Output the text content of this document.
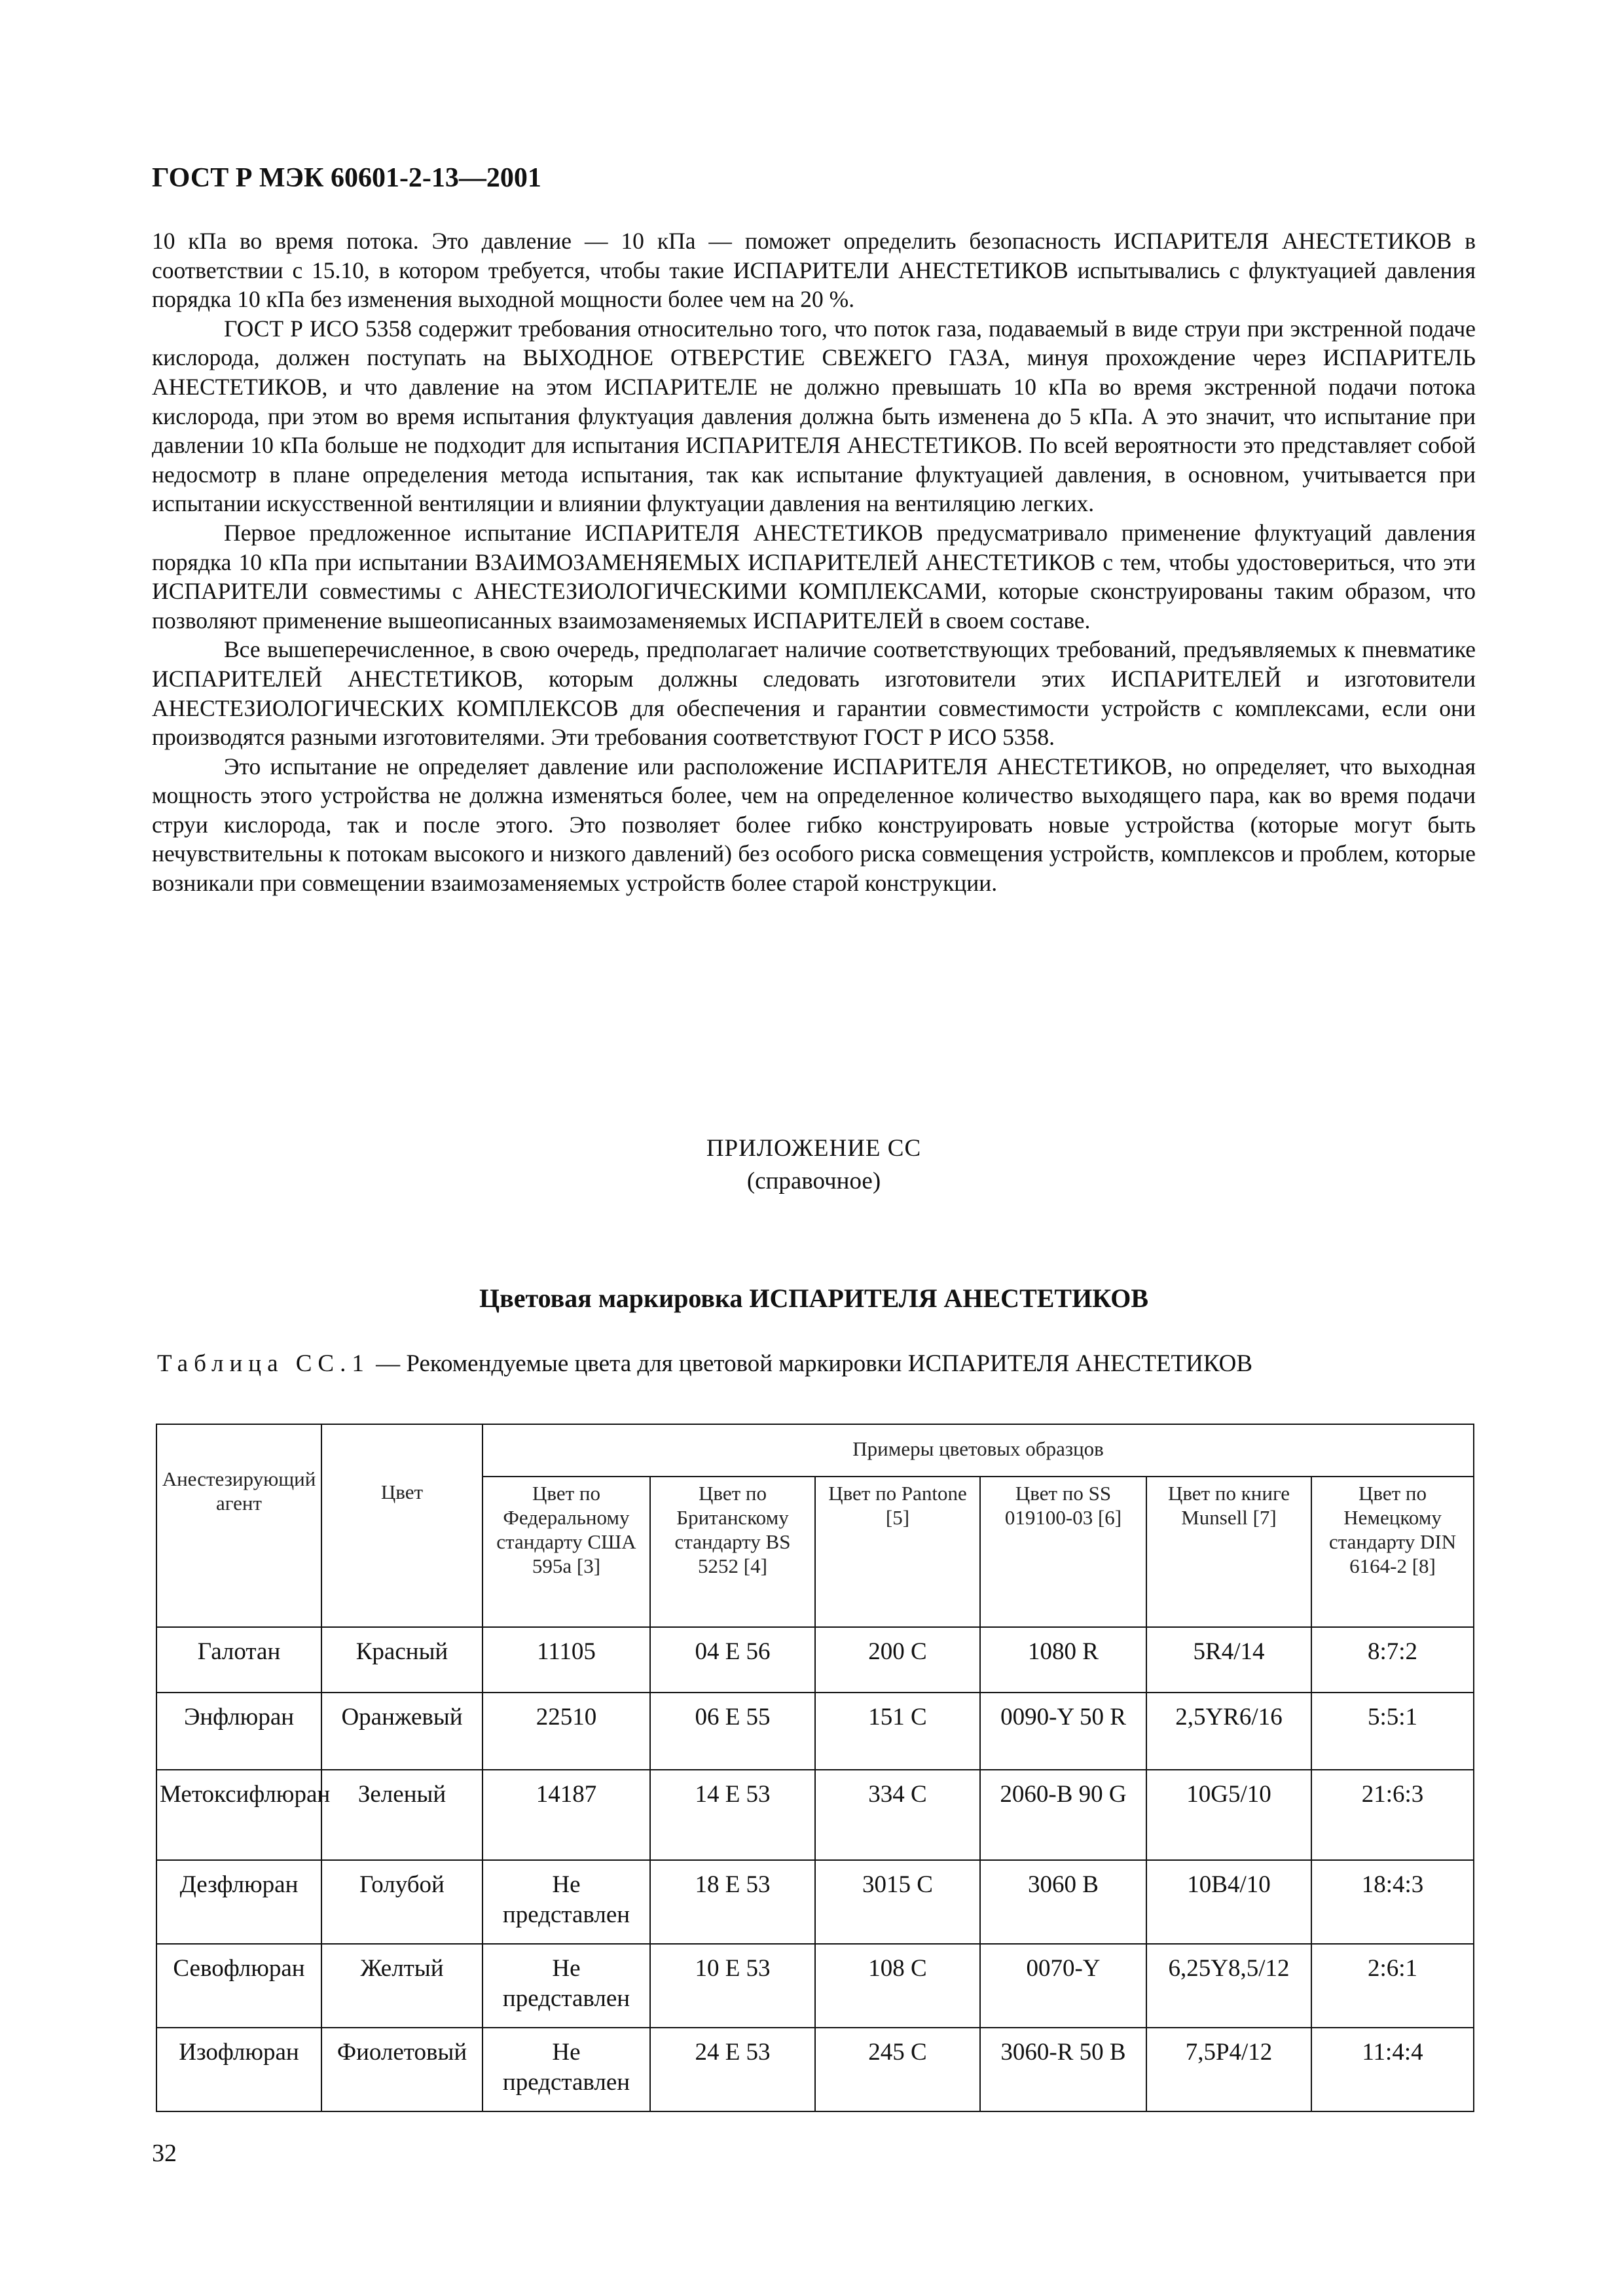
ГОСТ Р МЭК 60601-2-13—2001

10 кПа во время потока. Это давление — 10 кПа — поможет определить безопасность ИСПАРИТЕЛЯ АНЕСТЕТИКОВ в соответствии с 15.10, в котором требуется, чтобы такие ИСПАРИТЕЛИ АНЕСТЕТИКОВ испытывались с флуктуацией давления порядка 10 кПа без изменения выходной мощности более чем на 20 %.

ГОСТ Р ИСО 5358 содержит требования относительно того, что поток газа, подаваемый в виде струи при экстренной подаче кислорода, должен поступать на ВЫХОДНОЕ ОТВЕРСТИЕ СВЕЖЕГО ГАЗА, минуя прохождение через ИСПАРИТЕЛЬ АНЕСТЕТИКОВ, и что давление на этом ИСПАРИТЕЛЕ не должно превышать 10 кПа во время экстренной подачи потока кислорода, при этом во время испытания флуктуация давления должна быть изменена до 5 кПа. А это значит, что испытание при давлении 10 кПа больше не подходит для испытания ИСПАРИТЕЛЯ АНЕСТЕТИКОВ. По всей вероятности это представляет собой недосмотр в плане определения метода испытания, так как испытание флуктуацией давления, в основном, учитывается при испытании искусственной вентиляции и влиянии флуктуации давления на вентиляцию легких.

Первое предложенное испытание ИСПАРИТЕЛЯ АНЕСТЕТИКОВ предусматривало применение флуктуаций давления порядка 10 кПа при испытании ВЗАИМОЗАМЕНЯЕМЫХ ИСПАРИТЕЛЕЙ АНЕСТЕТИКОВ с тем, чтобы удостовериться, что эти ИСПАРИТЕЛИ совместимы с АНЕСТЕЗИОЛОГИЧЕСКИМИ КОМПЛЕКСАМИ, которые сконструированы таким образом, что позволяют применение вышеописанных взаимозаменяемых ИСПАРИТЕЛЕЙ в своем составе.

Все вышеперечисленное, в свою очередь, предполагает наличие соответствующих требований, предъявляемых к пневматике ИСПАРИТЕЛЕЙ АНЕСТЕТИКОВ, которым должны следовать изготовители этих ИСПАРИТЕЛЕЙ и изготовители АНЕСТЕЗИОЛОГИЧЕСКИХ КОМПЛЕКСОВ для обеспечения и гарантии совместимости устройств с комплексами, если они производятся разными изготовителями. Эти требования соответствуют ГОСТ Р ИСО 5358.

Это испытание не определяет давление или расположение ИСПАРИТЕЛЯ АНЕСТЕТИКОВ, но определяет, что выходная мощность этого устройства не должна изменяться более, чем на определенное количество выходящего пара, как во время подачи струи кислорода, так и после этого. Это позволяет более гибко конструировать новые устройства (которые могут быть нечувствительны к потокам высокого и низкого давлений) без особого риска совмещения устройств, комплексов и проблем, которые возникали при совмещении взаимозаменяемых устройств более старой конструкции.

ПРИЛОЖЕНИЕ СС
(справочное)
Цветовая маркировка ИСПАРИТЕЛЯ АНЕСТЕТИКОВ
Таблица СС.1 — Рекомендуемые цвета для цветовой маркировки ИСПАРИТЕЛЯ АНЕСТЕТИКОВ
Анестезирующий агент	Цвет	Примеры цветовых образцов					
		Цвет по Федеральному стандарту США 595а [3]	Цвет по Британскому стандарту BS 5252 [4]	Цвет по Pantone [5]	Цвет по SS 019100-03 [6]	Цвет по книге Munsell [7]	Цвет по Немецкому стандарту DIN 6164-2 [8]
Галотан	Красный	11105	04 E 56	200 C	1080 R	5R4/14	8:7:2
Энфлюран	Оранжевый	22510	06 E 55	151 C	0090-Y 50 R	2,5YR6/16	5:5:1
Метоксифлюран	Зеленый	14187	14 E 53	334 C	2060-B 90 G	10G5/10	21:6:3
Дезфлюран	Голубой	Не представлен	18 E 53	3015 C	3060 B	10B4/10	18:4:3
Севофлюран	Желтый	Не представлен	10 E 53	108 C	0070-Y	6,25Y8,5/12	2:6:1
Изофлюран	Фиолетовый	Не представлен	24 E 53	245 C	3060-R 50 B	7,5P4/12	11:4:4
32
